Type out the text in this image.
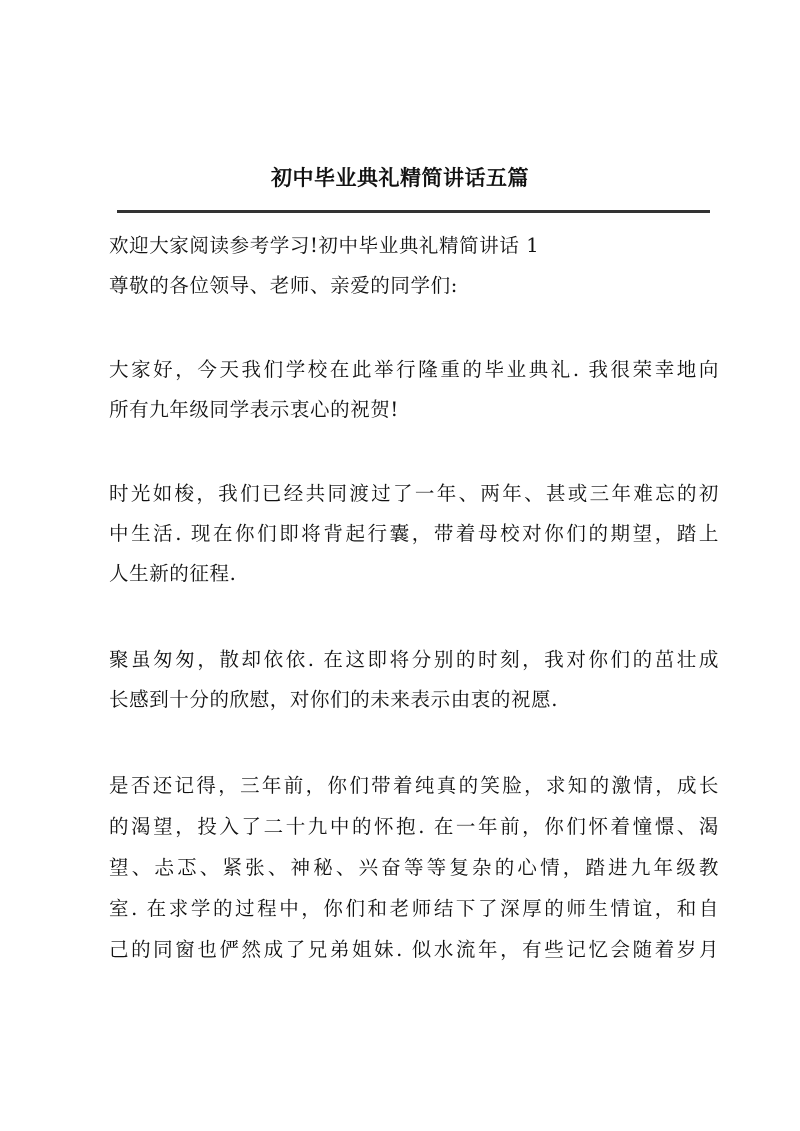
初中毕业典礼精简讲话五篇

欢迎大家阅读参考学习!初中毕业典礼精简讲话 1

尊敬的各位领导、老师、亲爱的同学们:

大家好，今天我们学校在此举行隆重的毕业典礼. 我很荣幸地向

所有九年级同学表示衷心的祝贺!

时光如梭，我们已经共同渡过了一年、两年、甚或三年难忘的初

中生活. 现在你们即将背起行囊，带着母校对你们的期望，踏上

人生新的征程.

聚虽匆匆，散却依依. 在这即将分别的时刻，我对你们的茁壮成

长感到十分的欣慰，对你们的未来表示由衷的祝愿.

是否还记得，三年前，你们带着纯真的笑脸，求知的激情，成长

的渴望，投入了二十九中的怀抱. 在一年前，你们怀着憧憬、渴

望、忐忑、紧张、神秘、兴奋等等复杂的心情，踏进九年级教

室. 在求学的过程中，你们和老师结下了深厚的师生情谊，和自

己的同窗也俨然成了兄弟姐妹. 似水流年，有些记忆会随着岁月
